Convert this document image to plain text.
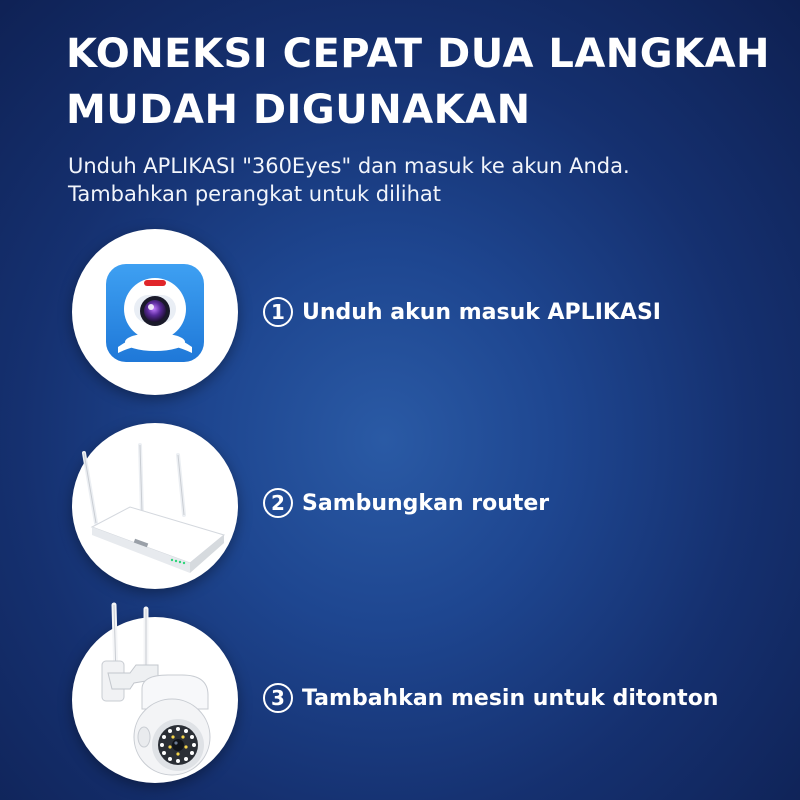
KONEKSI CEPAT DUA LANGKAH
MUDAH DIGUNAKAN

Unduh APLIKASI "360Eyes" dan masuk ke akun Anda.
Tambahkan perangkat untuk dilihat

1 Unduh akun masuk APLIKASI
2 Sambungkan router
3 Tambahkan mesin untuk ditonton
